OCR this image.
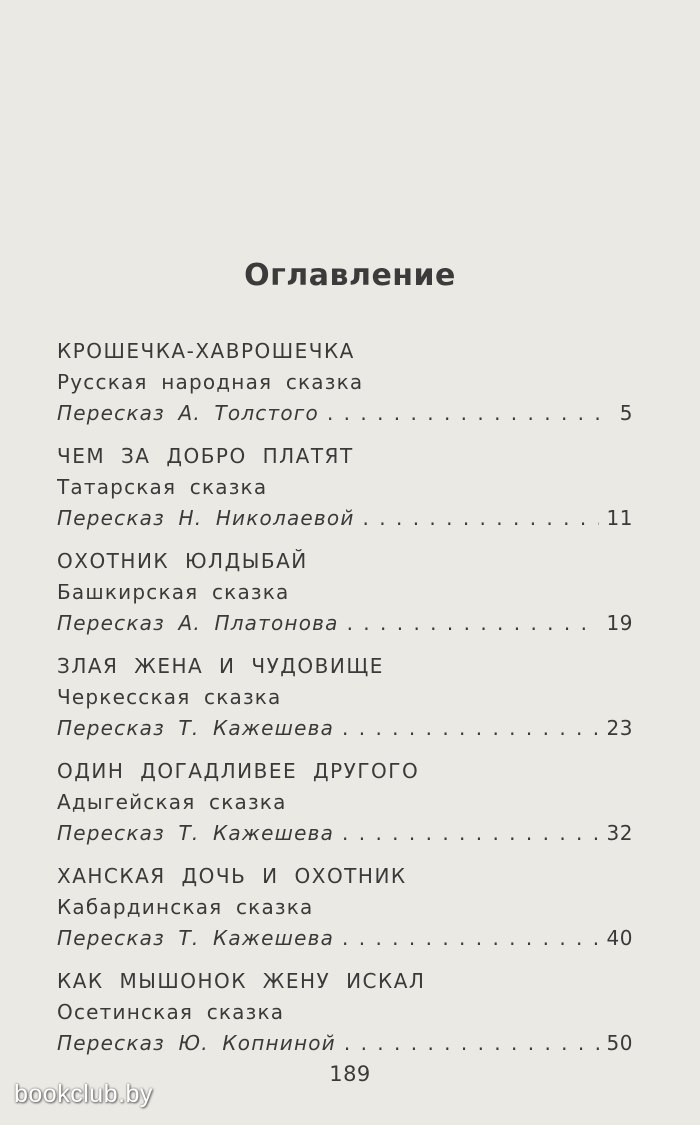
Оглавление
КРОШЕЧКА-ХАВРОШЕЧКА
Русская народная сказка
Пересказ А. Толстого . . .	5
ЧЕМ ЗА ДОБРО ПЛАТЯТ
Татарская сказка
Пересказ Н. Николаевой . . .	11
ОХОТНИК ЮЛДЫБАЙ
Башкирская сказка
Пересказ А. Платонова . . .	19
ЗЛАЯ ЖЕНА И ЧУДОВИЩЕ
Черкесская сказка
Пересказ Т. Кажешева . . .	23
ОДИН ДОГАДЛИВЕЕ ДРУГОГО
Адыгейская сказка
Пересказ Т. Кажешева . . .	32
ХАНСКАЯ ДОЧЬ И ОХОТНИК
Кабардинская сказка
Пересказ Т. Кажешева . . .	40
КАК МЫШОНОК ЖЕНУ ИСКАЛ
Осетинская сказка
Пересказ Ю. Копниной . . .	50
189
bookclub.by
